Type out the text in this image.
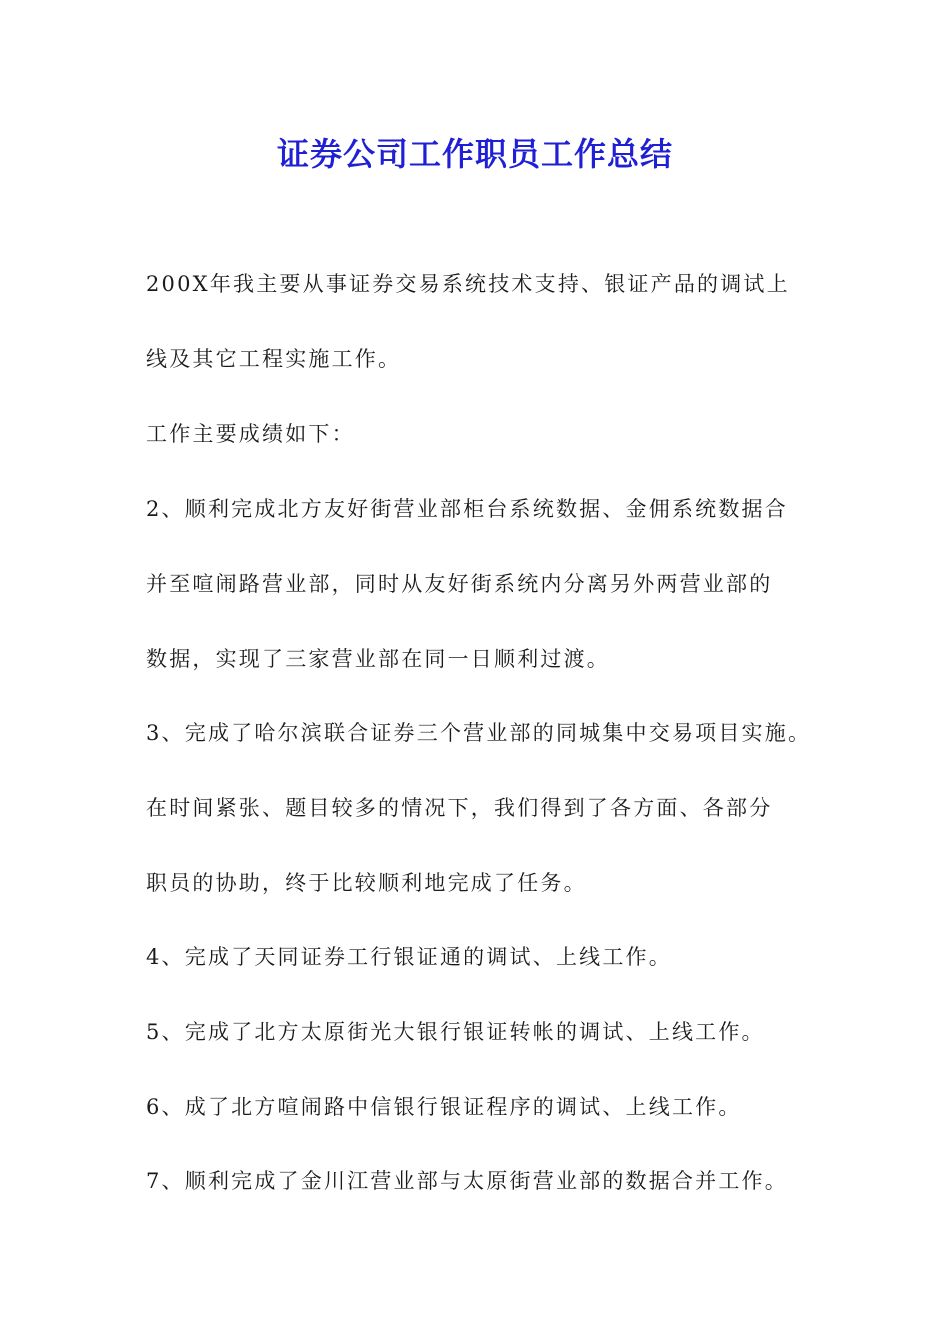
证券公司工作职员工作总结
200X年我主要从事证券交易系统技术支持、银证产品的调试上
线及其它工程实施工作。
工作主要成绩如下：
2、顺利完成北方友好街营业部柜台系统数据、金佣系统数据合
并至喧闹路营业部，同时从友好街系统内分离另外两营业部的
数据，实现了三家营业部在同一日顺利过渡。
3、完成了哈尔滨联合证券三个营业部的同城集中交易项目实施。
在时间紧张、题目较多的情况下，我们得到了各方面、各部分
职员的协助，终于比较顺利地完成了任务。
4、完成了天同证券工行银证通的调试、上线工作。
5、完成了北方太原街光大银行银证转帐的调试、上线工作。
6、成了北方喧闹路中信银行银证程序的调试、上线工作。
7、顺利完成了金川江营业部与太原街营业部的数据合并工作。
